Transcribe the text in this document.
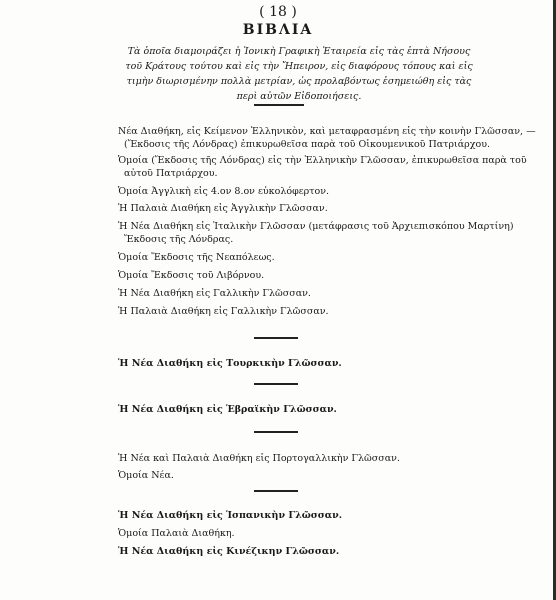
( 18 )
ΒΙΒΛΙΑ
Τὰ ὁποῖα διαμοιράζει ἡ Ἰονικὴ Γραφικὴ Ἑταιρεία εἰς τὰς ἑπτὰ Νήσους τοῦ Κράτους τούτου καὶ εἰς τὴν Ἤπειρον, εἰς διαφόρους τόπους καὶ εἰς τιμὴν διωρισμένην πολλὰ μετρίαν, ὡς προλαβόντως ἐσημειώθη εἰς τὰς περὶ αὐτῶν Εἰδοποιήσεις.
Νέα Διαθήκη, εἰς Κείμενον Ἑλληνικὸν, καὶ μεταφρασμένη εἰς τὴν κοινὴν Γλῶσσαν, —
(Ἔκδοσις τῆς Λόνδρας) ἐπικυρωθεῖσα παρὰ τοῦ Οἰκουμενικοῦ Πατριάρχου.
Ὁμοία (Ἔκδοσις τῆς Λόνδρας) εἰς τὴν Ἑλληνικὴν Γλῶσσαν, ἐπικυρωθεῖσα παρὰ τοῦ
αὐτοῦ Πατριάρχου.
Ὁμοία Ἀγγλικὴ εἰς 4.ον 8.ον εὐκολόφερτον.
Ἡ Παλαιὰ Διαθήκη εἰς Ἀγγλικὴν Γλῶσσαν.
Ἡ Νέα Διαθήκη εἰς Ἰταλικὴν Γλῶσσαν (μετάφρασις τοῦ Ἀρχιεπισκόπου Μαρτίνη)
Ἔκδοσις τῆς Λόνδρας.
Ὁμοία Ἔκδοσις τῆς Νεαπόλεως.
Ὁμοία Ἔκδοσις τοῦ Λιβόρνου.
Ἡ Νέα Διαθήκη εἰς Γαλλικὴν Γλῶσσαν.
Ἡ Παλαιὰ Διαθήκη εἰς Γαλλικὴν Γλῶσσαν.
Ἡ Νέα Διαθήκη εἰς Τουρκικὴν Γλῶσσαν.
Ἡ Νέα Διαθήκη εἰς Ἑβραϊκὴν Γλῶσσαν.
Ἡ Νέα καὶ Παλαιὰ Διαθήκη εἰς Πορτογαλλικὴν Γλῶσσαν.
Ὁμοία Νέα.
Ἡ Νέα Διαθήκη εἰς Ἱσπανικὴν Γλῶσσαν.
Ὁμοία Παλαιὰ Διαθήκη.
Ἡ Νέα Διαθήκη εἰς Κινέζικην Γλῶσσαν.
